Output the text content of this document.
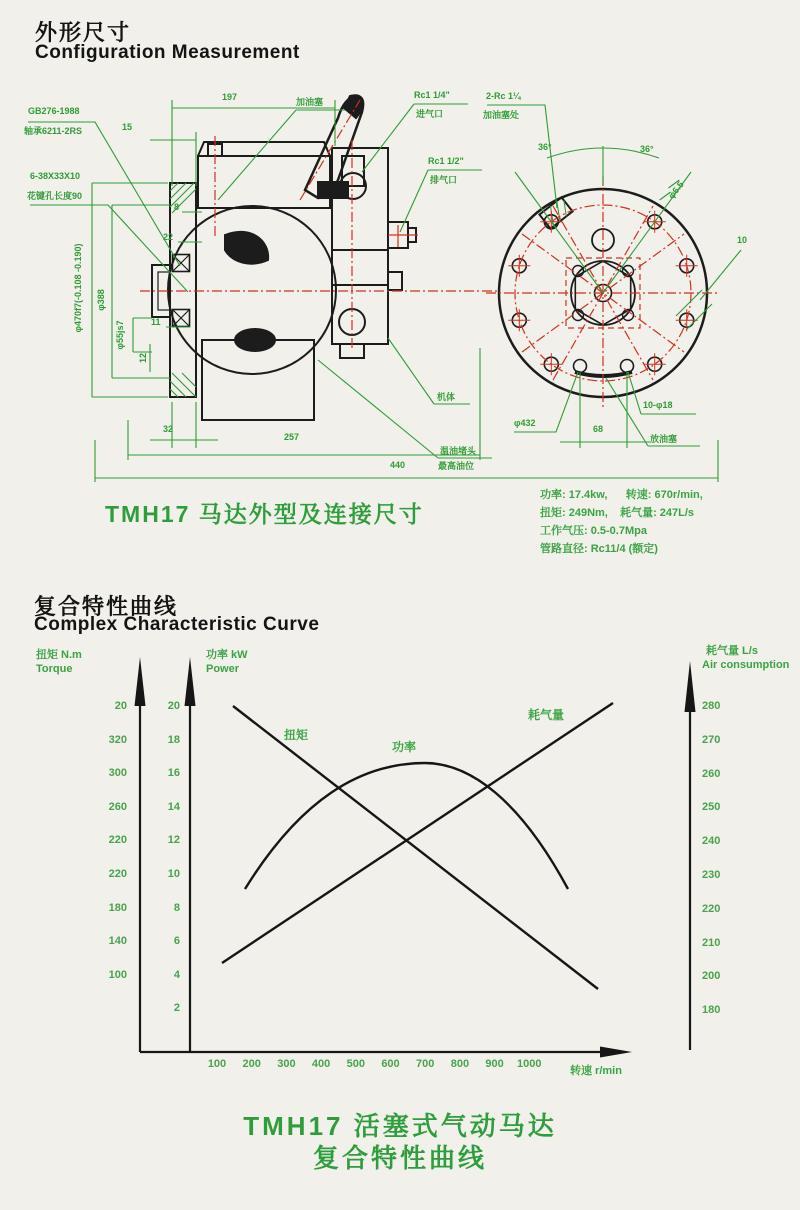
外形尺寸
Configuration Measurement
GB276-1988
轴承6211-2RS
6-38X33X10
花键孔长度90
197
15
加油塞
Rc1 1/4"
进气口
Rc1 1/2"
排气口
8
22
11
12
φ470f7(-0.108 -0.190) φ388
φ55js7
32
257
440
机体
温油堵头
最高油位
2-Rc 1¼
加油塞处
36°	36°
φ6.5
10
φ432
68
10-φ18
放油塞
TMH17 马达外型及连接尺寸
功率: 17.4kw,      转速: 670r/min,
扭矩: 249Nm,    耗气量: 247L/s
工作气压: 0.5-0.7Mpa
管路直径: Rc11/4 (额定)
复合特性曲线
Complex Characteristic Curve
扭矩 N.m
Torque
功率 kW
Power
耗气量 L/s
Air consumption
扭矩
功率
耗气量
20
320
300
260
220
220
180
140
100
20
18
16
14
12
10
8
6
4
2
280
270
260
250
240
230
220
210
200
180
100	200	300	400	500	600	700	800	900	1000
转速 r/min
TMH17 活塞式气动马达
复合特性曲线
